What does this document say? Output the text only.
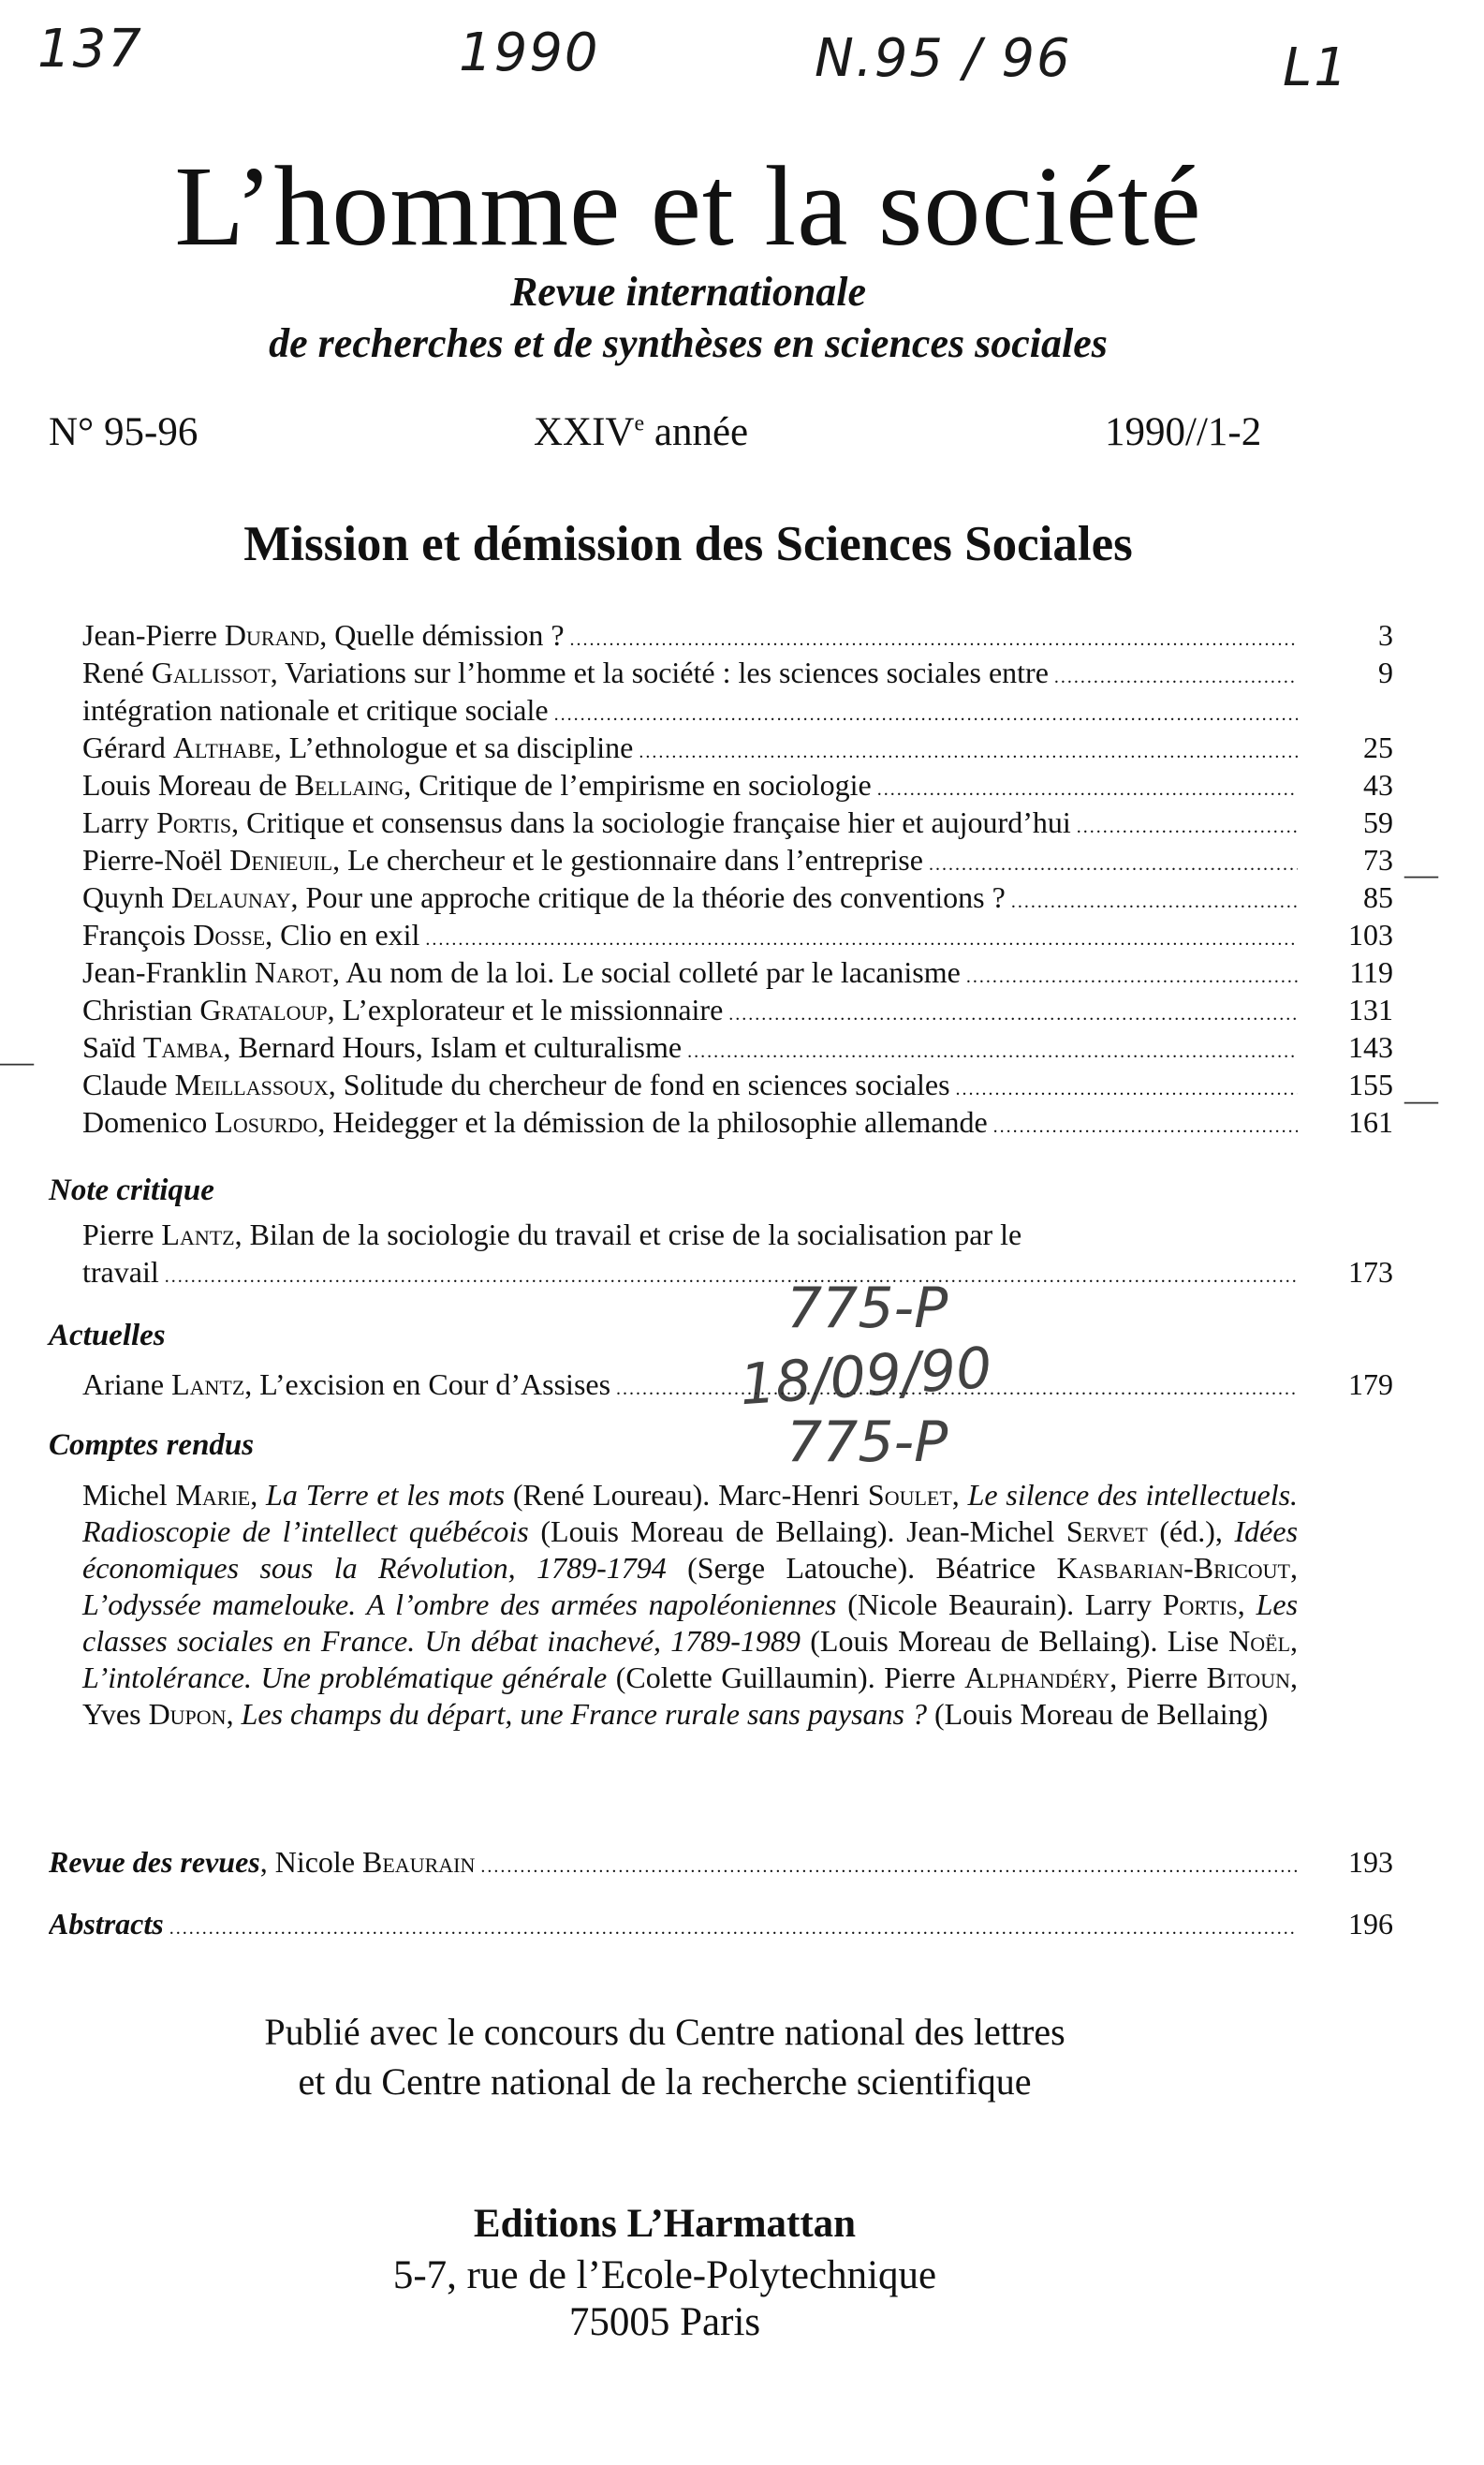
137	1990	N.95 / 96	L1
L’homme et la société
Revue internationale
de recherches et de synthèses en sciences sociales
N° 95-96	XXIVe année	1990//1-2
Mission et démission des Sciences Sociales
Jean-Pierre Durand, Quelle démission ? .....	3
René Gallissot, Variations sur l’homme et la société : les sciences sociales entre .....	9
intégration nationale et critique sociale
.....
Gérard Althabe, L’ethnologue et sa discipline .....	25
Louis Moreau de Bellaing, Critique de l’empirisme en sociologie .....	43
Larry Portis, Critique et consensus dans la sociologie française hier et aujourd’hui .....	59
Pierre-Noël Denieuil, Le chercheur et le gestionnaire dans l’entreprise .....	73
Quynh Delaunay, Pour une approche critique de la théorie des conventions ? .....	85
François Dosse, Clio en exil .....	103
Jean-Franklin Narot, Au nom de la loi. Le social colleté par le lacanisme .....	119
Christian Grataloup, L’explorateur et le missionnaire .....	131
Saïd Tamba, Bernard Hours, Islam et culturalisme .....	143
Claude Meillassoux, Solitude du chercheur de fond en sciences sociales .....	155
Domenico Losurdo, Heidegger et la démission de la philosophie allemande .....	161
Note critique
Pierre Lantz, Bilan de la sociologie du travail et crise de la socialisation par le
travail .....	173
Actuelles
Ariane Lantz, L’excision en Cour d’Assises .....	179
Comptes rendus
Michel Marie, La Terre et les mots (René Loureau). Marc-Henri Soulet, Le silence des intellectuels. Radioscopie de l’intellect québécois (Louis Moreau de Bellaing). Jean-Michel Servet (éd.), Idées économiques sous la Révolution, 1789-1794 (Serge Latouche). Béatrice Kasbarian-Bricout, L’odyssée mamelouke. A l’ombre des armées napoléoniennes (Nicole Beaurain). Larry Portis, Les classes sociales en France. Un débat inachevé, 1789-1989 (Louis Moreau de Bellaing). Lise Noël, L’intolérance. Une problématique générale (Colette Guillaumin). Pierre Alphandéry, Pierre Bitoun, Yves Dupon, Les champs du départ, une France rurale sans paysans ? (Louis Moreau de Bellaing)
Revue des revues, Nicole Beaurain .....	193
Abstracts .....	196
Publié avec le concours du Centre national des lettres
et du Centre national de la recherche scientifique
Editions L’Harmattan
5-7, rue de l’Ecole-Polytechnique
75005 Paris
775-P
18/09/90
775-P
—
—
—
